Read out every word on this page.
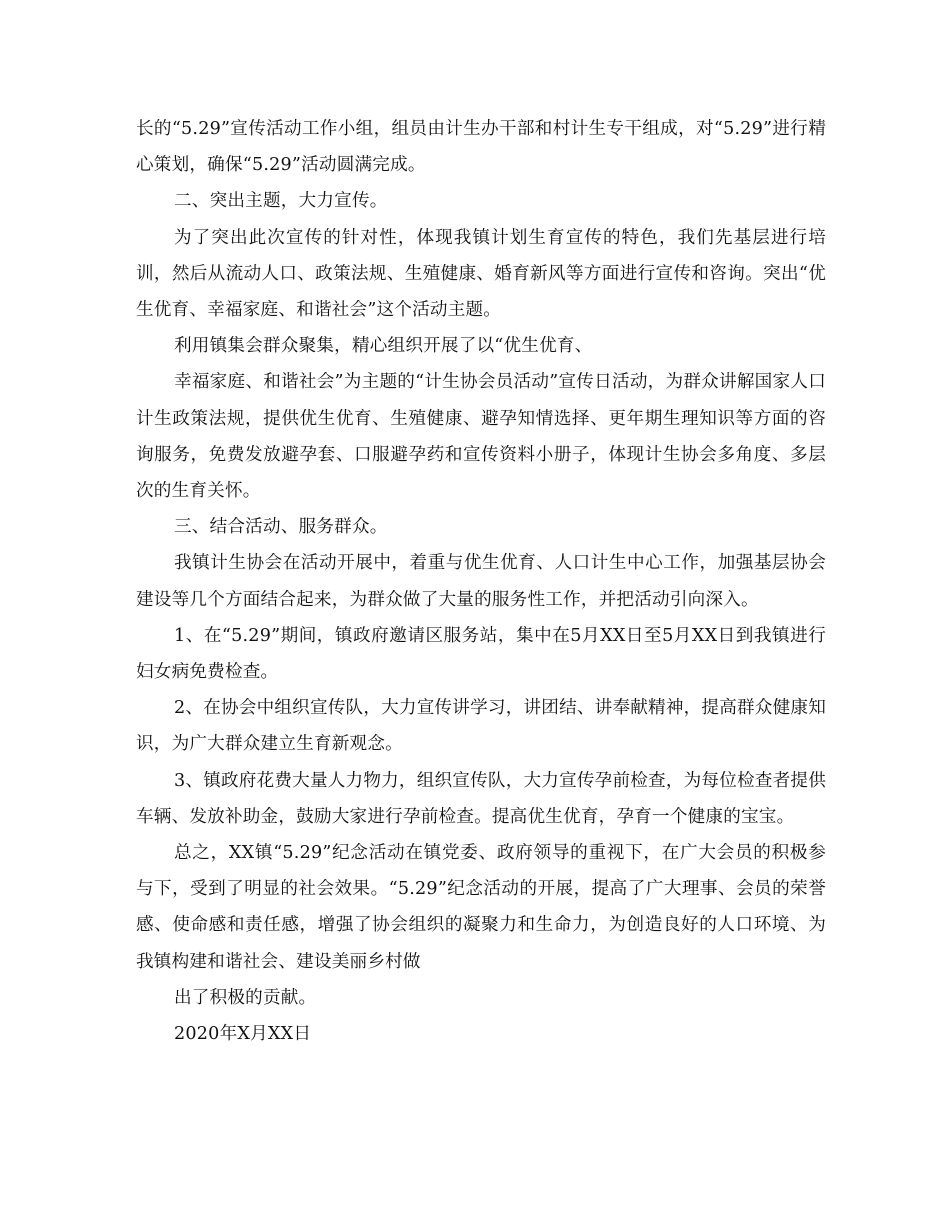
长的“5.29”宣传活动工作小组，组员由计生办干部和村计生专干组成，对“5.29”进行精心策划，确保“5.29”活动圆满完成。

二、突出主题，大力宣传。

为了突出此次宣传的针对性，体现我镇计划生育宣传的特色，我们先基层进行培训，然后从流动人口、政策法规、生殖健康、婚育新风等方面进行宣传和咨询。突出“优生优育、幸福家庭、和谐社会”这个活动主题。

利用镇集会群众聚集，精心组织开展了以“优生优育、

幸福家庭、和谐社会”为主题的“计生协会员活动”宣传日活动，为群众讲解国家人口计生政策法规，提供优生优育、生殖健康、避孕知情选择、更年期生理知识等方面的咨询服务，免费发放避孕套、口服避孕药和宣传资料小册子，体现计生协会多角度、多层次的生育关怀。

三、结合活动、服务群众。

我镇计生协会在活动开展中，着重与优生优育、人口计生中心工作，加强基层协会建设等几个方面结合起来，为群众做了大量的服务性工作，并把活动引向深入。

1、在“5.29”期间，镇政府邀请区服务站，集中在5月XX日至5月XX日到我镇进行妇女病免费检查。

2、在协会中组织宣传队，大力宣传讲学习，讲团结、讲奉献精神，提高群众健康知识，为广大群众建立生育新观念。

3、镇政府花费大量人力物力，组织宣传队，大力宣传孕前检查，为每位检查者提供车辆、发放补助金，鼓励大家进行孕前检查。提高优生优育，孕育一个健康的宝宝。

总之，XX镇“5.29”纪念活动在镇党委、政府领导的重视下，在广大会员的积极参与下，受到了明显的社会效果。“5.29”纪念活动的开展，提高了广大理事、会员的荣誉感、使命感和责任感，增强了协会组织的凝聚力和生命力，为创造良好的人口环境、为我镇构建和谐社会、建设美丽乡村做

出了积极的贡献。

2020年X月XX日
